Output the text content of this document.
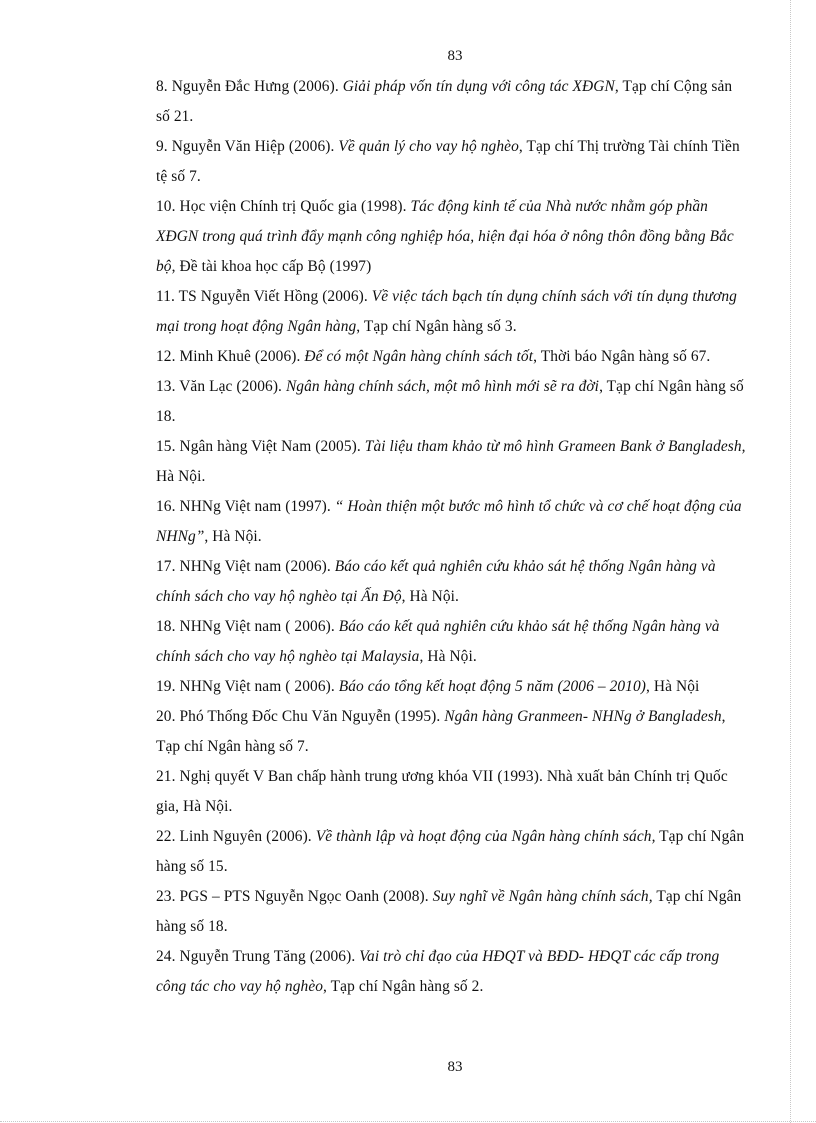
83

8. Nguyễn Đắc Hưng (2006). Giải pháp vốn tín dụng với công tác XĐGN, Tạp chí Cộng sản số 21.

9. Nguyễn Văn Hiệp (2006). Về quản lý cho vay hộ nghèo, Tạp chí Thị trường Tài chính Tiền tệ số 7.

10. Học viện Chính trị Quốc gia (1998). Tác động kinh tế của Nhà nước nhằm góp phần XĐGN trong quá trình đẩy mạnh công nghiệp hóa, hiện đại hóa ở nông thôn đồng bằng Bắc bộ, Đề tài khoa học cấp Bộ (1997)

11. TS Nguyễn Viết Hồng (2006). Về việc tách bạch tín dụng chính sách với tín dụng thương mại trong hoạt động Ngân hàng, Tạp chí Ngân hàng số 3.

12. Minh Khuê (2006). Để có một Ngân hàng chính sách tốt, Thời báo Ngân hàng số 67.

13. Văn Lạc (2006). Ngân hàng chính sách, một mô hình mới sẽ ra đời, Tạp chí Ngân hàng số 18.

15. Ngân hàng Việt Nam (2005). Tài liệu tham khảo từ mô hình Grameen Bank ở Bangladesh, Hà Nội.

16. NHNg Việt nam (1997). “ Hoàn thiện một bước mô hình tổ chức và cơ chế hoạt động của NHNg”, Hà Nội.

17. NHNg Việt nam (2006). Báo cáo kết quả nghiên cứu khảo sát hệ thống Ngân hàng và chính sách cho vay hộ nghèo tại Ấn Độ, Hà Nội.

18. NHNg Việt nam ( 2006). Báo cáo kết quả nghiên cứu khảo sát hệ thống Ngân hàng và chính sách cho vay hộ nghèo tại Malaysia, Hà Nội.

19. NHNg Việt nam ( 2006). Báo cáo tổng kết hoạt động 5 năm (2006 – 2010), Hà Nội

20. Phó Thống Đốc Chu Văn Nguyễn (1995). Ngân hàng Granmeen- NHNg ở Bangladesh, Tạp chí Ngân hàng số 7.

21. Nghị quyết V Ban chấp hành trung ương khóa VII (1993). Nhà xuất bản Chính trị Quốc gia, Hà Nội.

22. Linh Nguyên (2006). Về thành lập và hoạt động của Ngân hàng chính sách, Tạp chí Ngân hàng số 15.

23. PGS – PTS Nguyễn Ngọc Oanh (2008). Suy nghĩ về Ngân hàng chính sách, Tạp chí Ngân hàng số 18.

24. Nguyễn Trung Tăng (2006). Vai trò chỉ đạo của HĐQT và BĐD- HĐQT các cấp trong công tác cho vay hộ nghèo, Tạp chí Ngân hàng số 2.

83
